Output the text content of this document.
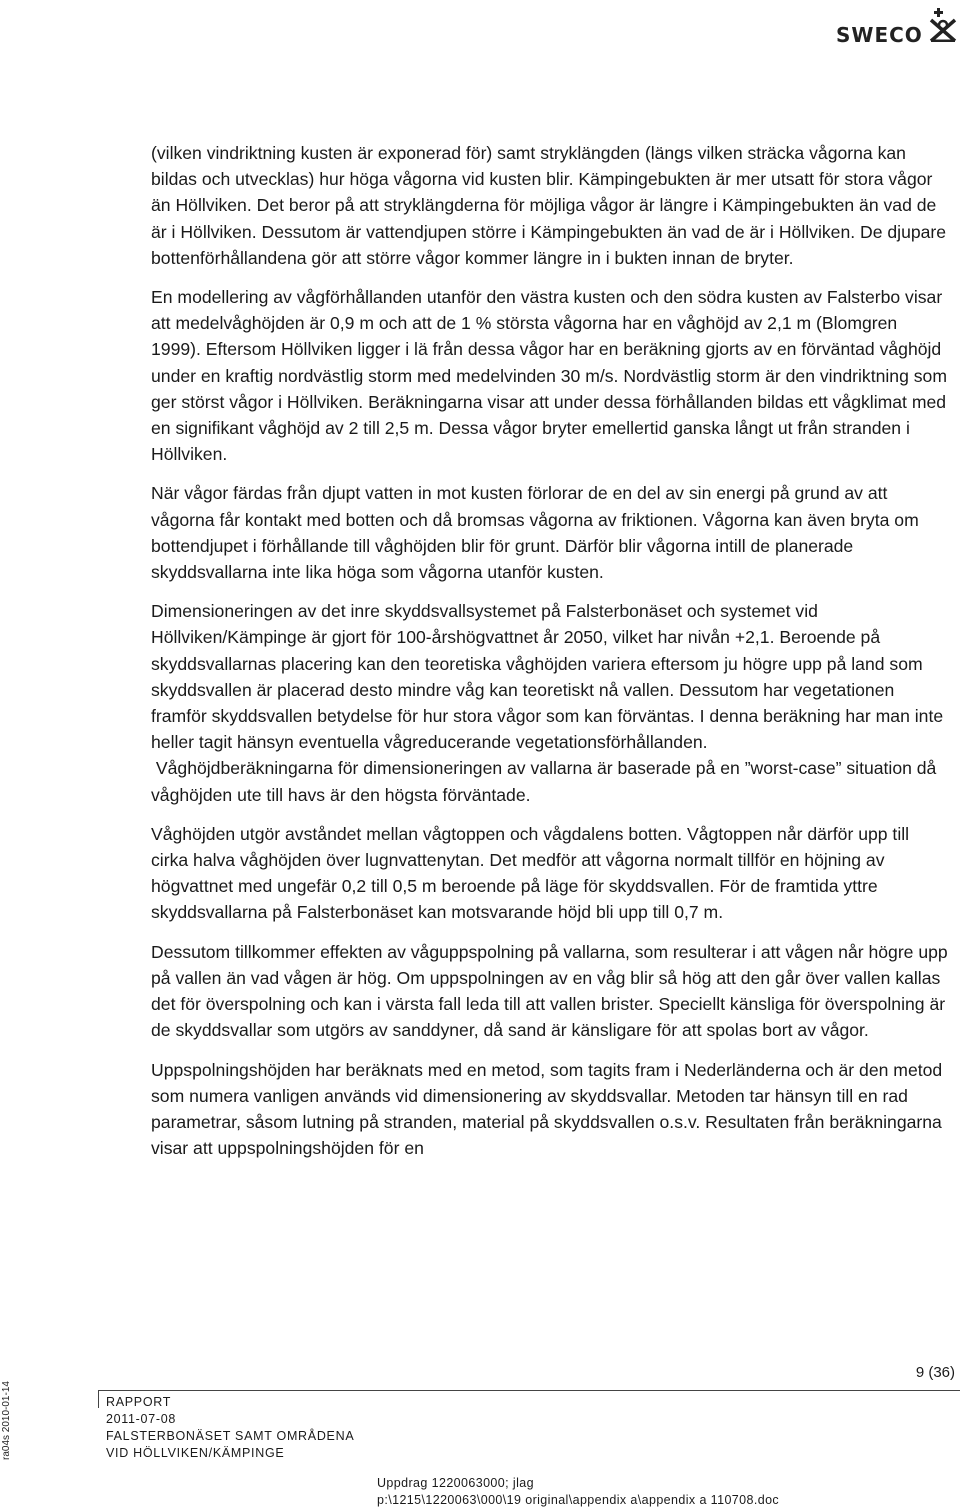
SWECO

(vilken vindriktning kusten är exponerad för) samt stryklängden (längs vilken sträcka vågorna kan bildas och utvecklas) hur höga vågorna vid kusten blir. Kämpingebukten är mer utsatt för stora vågor än Höllviken. Det beror på att stryklängderna för möjliga vågor är längre i Kämpingebukten än vad de är i Höllviken. Dessutom är vattendjupen större i Kämpingebukten än vad de är i Höllviken. De djupare bottenförhållandena gör att större vågor kommer längre in i bukten innan de bryter.

En modellering av vågförhållanden utanför den västra kusten och den södra kusten av Falsterbo visar att medelvåghöjden är 0,9 m och att de 1 % största vågorna har en våghöjd av 2,1 m (Blomgren 1999). Eftersom Höllviken ligger i lä från dessa vågor har en beräkning gjorts av en förväntad våghöjd under en kraftig nordvästlig storm med medelvinden 30 m/s. Nordvästlig storm är den vindriktning som ger störst vågor i Höllviken. Beräkningarna visar att under dessa förhållanden bildas ett vågklimat med en signifikant våghöjd av 2 till 2,5 m. Dessa vågor bryter emellertid ganska långt ut från stranden i Höllviken.

När vågor färdas från djupt vatten in mot kusten förlorar de en del av sin energi på grund av att vågorna får kontakt med botten och då bromsas vågorna av friktionen. Vågorna kan även bryta om bottendjupet i förhållande till våghöjden blir för grunt. Därför blir vågorna intill de planerade skyddsvallarna inte lika höga som vågorna utanför kusten.

Dimensioneringen av det inre skyddsvallsystemet på Falsterbonäset och systemet vid Höllviken/Kämpinge är gjort för 100-årshögvattnet år 2050, vilket har nivån +2,1. Beroende på skyddsvallarnas placering kan den teoretiska våghöjden variera eftersom ju högre upp på land som skyddsvallen är placerad desto mindre våg kan teoretiskt nå vallen. Dessutom har vegetationen framför skyddsvallen betydelse för hur stora vågor som kan förväntas. I denna beräkning har man inte heller tagit hänsyn eventuella vågreducerande vegetationsförhållanden.

Våghöjdberäkningarna för dimensioneringen av vallarna är baserade på en ”worst-case” situation då våghöjden ute till havs är den högsta förväntade.

Våghöjden utgör avståndet mellan vågtoppen och vågdalens botten. Vågtoppen når därför upp till cirka halva våghöjden över lugnvattenytan. Det medför att vågorna normalt tillför en höjning av högvattnet med ungefär 0,2 till 0,5 m beroende på läge för skyddsvallen. För de framtida yttre skyddsvallarna på Falsterbonäset kan motsvarande höjd bli upp till 0,7 m.

Dessutom tillkommer effekten av våguppspolning på vallarna, som resulterar i att vågen når högre upp på vallen än vad vågen är hög. Om uppspolningen av en våg blir så hög att den går över vallen kallas det för överspolning och kan i värsta fall leda till att vallen brister. Speciellt känsliga för överspolning är de skyddsvallar som utgörs av sanddyner, då sand är känsligare för att spolas bort av vågor.

Uppspolningshöjden har beräknats med en metod, som tagits fram i Nederländerna och är den metod som numera vanligen används vid dimensionering av skyddsvallar. Metoden tar hänsyn till en rad parametrar, såsom lutning på stranden, material på skyddsvallen o.s.v. Resultaten från beräkningarna visar att uppspolningshöjden för en

ra04s 2010-01-14
9 (36)
RAPPORT
2011-07-08
FALSTERBONÄSET SAMT OMRÅDENA
VID HÖLLVIKEN/KÄMPINGE
Uppdrag 1220063000; jlag
p:\1215\1220063\000\19 original\appendix a\appendix a 110708.doc
